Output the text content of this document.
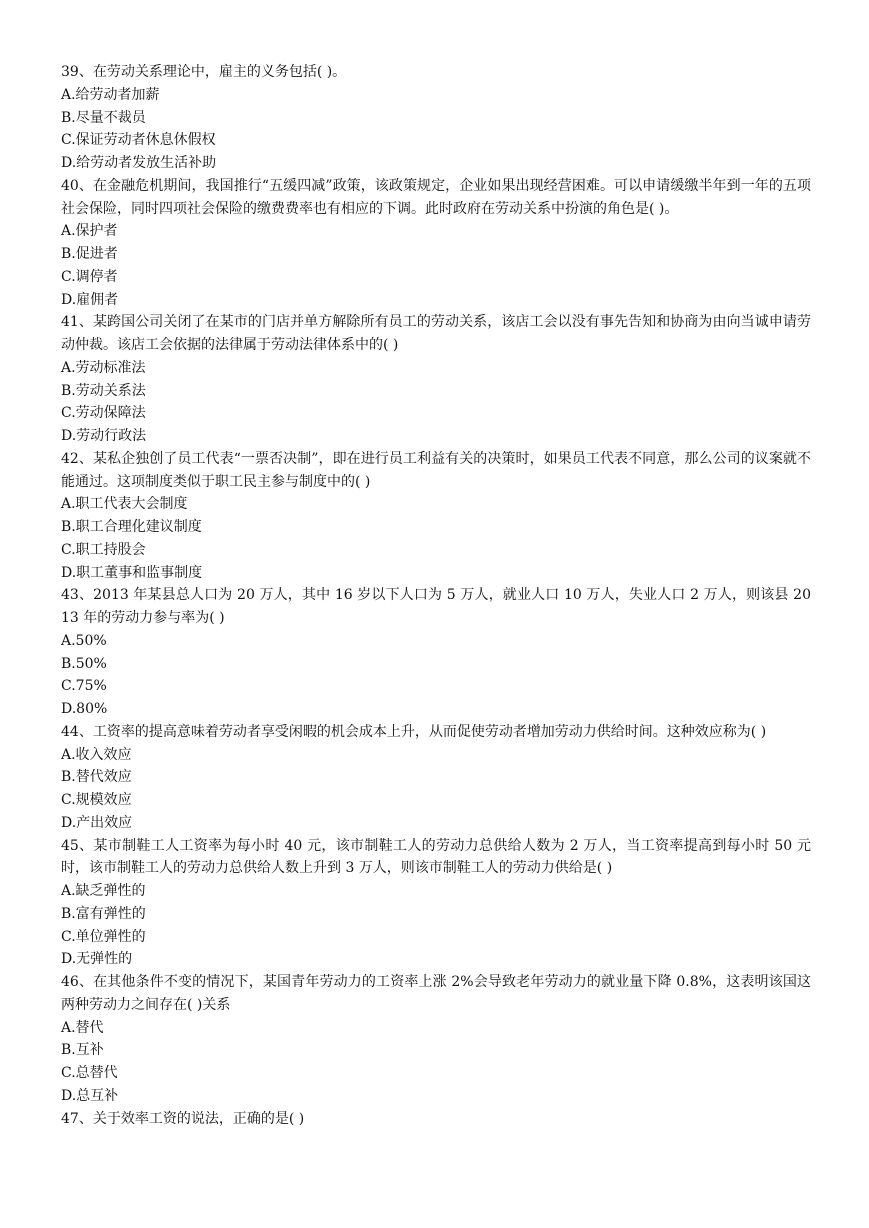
39、在劳动关系理论中，雇主的义务包括( )。

A.给劳动者加薪

B.尽量不裁员

C.保证劳动者休息休假权

D.给劳动者发放生活补助

40、在金融危机期间，我国推行“五缓四减”政策，该政策规定，企业如果出现经营困难。可以申请缓缴半年到一年的五项社会保险，同时四项社会保险的缴费费率也有相应的下调。此时政府在劳动关系中扮演的角色是( )。

A.保护者

B.促进者

C.调停者

D.雇佣者

41、某跨国公司关闭了在某市的门店并单方解除所有员工的劳动关系，该店工会以没有事先告知和协商为由向当诚申请劳动仲裁。该店工会依据的法律属于劳动法律体系中的( )

A.劳动标准法

B.劳动关系法

C.劳动保障法

D.劳动行政法

42、某私企独创了员工代表“一票否决制”，即在进行员工利益有关的决策时，如果员工代表不同意，那么公司的议案就不能通过。这项制度类似于职工民主参与制度中的( )

A.职工代表大会制度

B.职工合理化建议制度

C.职工持股会

D.职工董事和监事制度

43、2013 年某县总人口为 20 万人，其中 16 岁以下人口为 5 万人，就业人口 10 万人，失业人口 2 万人，则该县 2013 年的劳动力参与率为( )

A.50%

B.50%

C.75%

D.80%

44、工资率的提高意味着劳动者享受闲暇的机会成本上升，从而促使劳动者增加劳动力供给时间。这种效应称为( )

A.收入效应

B.替代效应

C.规模效应

D.产出效应

45、某市制鞋工人工资率为每小时 40 元，该市制鞋工人的劳动力总供给人数为 2 万人，当工资率提高到每小时 50 元时，该市制鞋工人的劳动力总供给人数上升到 3 万人，则该市制鞋工人的劳动力供给是( )

A.缺乏弹性的

B.富有弹性的

C.单位弹性的

D.无弹性的

46、在其他条件不变的情况下，某国青年劳动力的工资率上涨 2%会导致老年劳动力的就业量下降 0.8%，这表明该国这两种劳动力之间存在( )关系

A.替代

B.互补

C.总替代

D.总互补

47、关于效率工资的说法，正确的是( )
